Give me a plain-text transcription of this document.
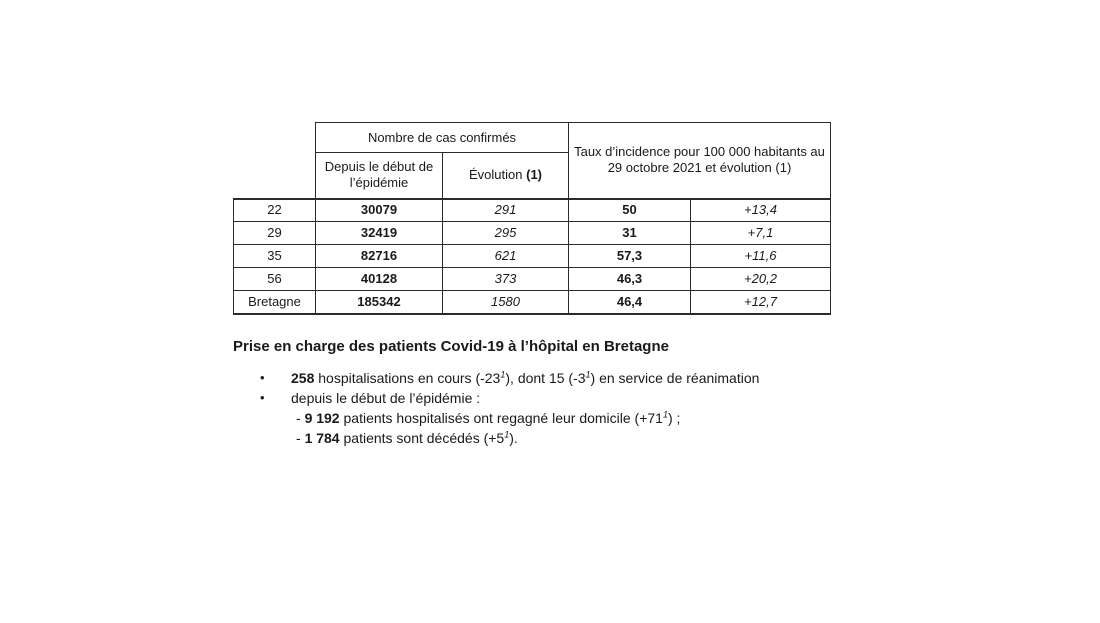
	Nombre de cas confirmés		Taux d’incidence pour 100 000 habitants au
29 octobre 2021 et évolution (1)	

	Depuis le début de l’épidémie	Évolution (1)		
22	30079	291	50	+13,4
29	32419	295	31	+7,1
35	82716	621	57,3	+11,6
56	40128	373	46,3	+20,2
Bretagne	185342	1580	46,4	+12,7

Prise en charge des patients Covid-19 à l’hôpital en Bretagne

•	258 hospitalisations en cours (-23$^1$), dont 15 (-3$^1$) en service de réanimation
•	depuis le début de l’épidémie :
- 9 192 patients hospitalisés ont regagné leur domicile (+71$^1$) ;
- 1 784 patients sont décédés (+5$^1$).
